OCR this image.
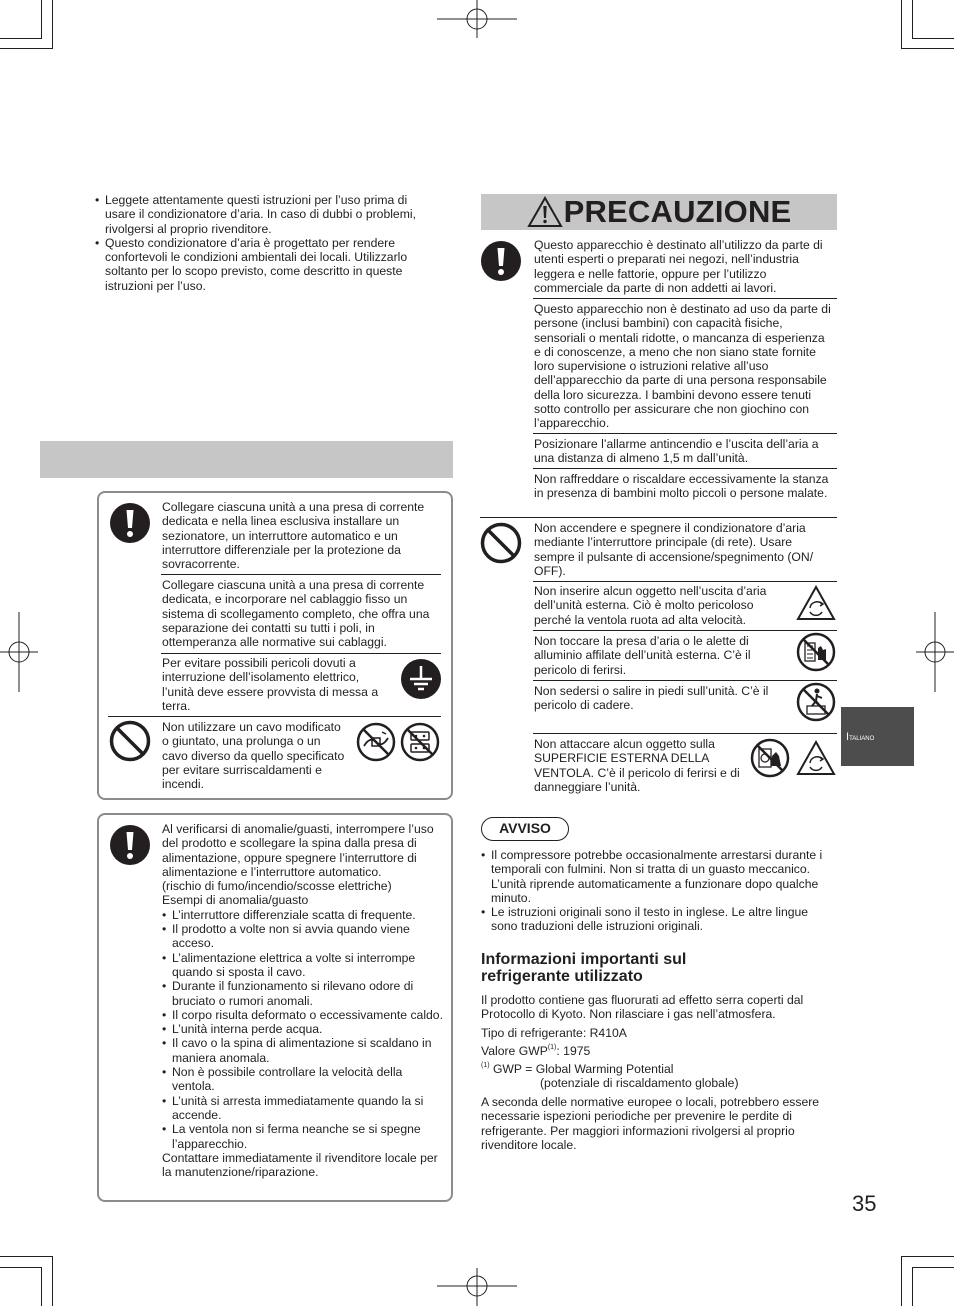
• Leggete attentamente questi istruzioni per l’uso prima di usare il condizionatore d’aria. In caso di dubbi o problemi, rivolgersi al proprio rivenditore.
• Questo condizionatore d’aria è progettato per rendere confortevoli le condizioni ambientali dei locali. Utilizzarlo soltanto per lo scopo previsto, come descritto in queste istruzioni per l’uso.
Collegare ciascuna unità a una presa di corrente dedicata e nella linea esclusiva installare un sezionatore, un interruttore automatico e un interruttore differenziale per la protezione da sovracorrente.
Collegare ciascuna unità a una presa di corrente dedicata, e incorporare nel cablaggio fisso un sistema di scollegamento completo, che offra una separazione dei contatti su tutti i poli, in ottemperanza alle normative sui cablaggi.
Per evitare possibili pericoli dovuti a interruzione dell’isolamento elettrico, l’unità deve essere provvista di messa a terra.
Non utilizzare un cavo modificato o giuntato, una prolunga o un cavo diverso da quello specificato per evitare surriscaldamenti e incendi.
Al verificarsi di anomalie/guasti, interrompere l’uso del prodotto e scollegare la spina dalla presa di alimentazione, oppure spegnere l’interruttore di alimentazione e l’interruttore automatico.
(rischio di fumo/incendio/scosse elettriche)
Esempi di anomalia/guasto
• L’interruttore differenziale scatta di frequente.
• Il prodotto a volte non si avvia quando viene acceso.
• L’alimentazione elettrica a volte si interrompe quando si sposta il cavo.
• Durante il funzionamento si rilevano odore di bruciato o rumori anomali.
• Il corpo risulta deformato o eccessivamente caldo.
• L’unità interna perde acqua.
• Il cavo o la spina di alimentazione si scaldano in maniera anomala.
• Non è possibile controllare la velocità della ventola.
• L’unità si arresta immediatamente quando la si accende.
• La ventola non si ferma neanche se si spegne l’apparecchio.
Contattare immediatamente il rivenditore locale per la manutenzione/riparazione.
PRECAUZIONE
Questo apparecchio è destinato all’utilizzo da parte di utenti esperti o preparati nei negozi, nell’industria leggera e nelle fattorie, oppure per l’utilizzo commerciale da parte di non addetti ai lavori.
Questo apparecchio non è destinato ad uso da parte di persone (inclusi bambini) con capacità fisiche, sensoriali o mentali ridotte, o mancanza di esperienza e di conoscenze, a meno che non siano state fornite loro supervisione o istruzioni relative all’uso dell’apparecchio da parte di una persona responsabile della loro sicurezza. I bambini devono essere tenuti sotto controllo per assicurare che non giochino con l’apparecchio.
Posizionare l’allarme antincendio e l’uscita dell’aria a una distanza di almeno 1,5 m dall’unità.
Non raffreddare o riscaldare eccessivamente la stanza in presenza di bambini molto piccoli o persone malate.
Non accendere e spegnere il condizionatore d’aria mediante l’interruttore principale (di rete). Usare sempre il pulsante di accensione/spegnimento (ON/ OFF).
Non inserire alcun oggetto nell’uscita d’aria dell’unità esterna. Ciò è molto pericoloso perché la ventola ruota ad alta velocità.
Non toccare la presa d’aria o le alette di alluminio affilate dell’unità esterna. C’è il pericolo di ferirsi.
Non sedersi o salire in piedi sull’unità. C’è il pericolo di cadere.
Non attaccare alcun oggetto sulla SUPERFICIE ESTERNA DELLA VENTOLA. C’è il pericolo di ferirsi e di danneggiare l’unità.
AVVISO
• Il compressore potrebbe occasionalmente arrestarsi durante i temporali con fulmini. Non si tratta di un guasto meccanico. L’unità riprende automaticamente a funzionare dopo qualche minuto.
• Le istruzioni originali sono il testo in inglese. Le altre lingue sono traduzioni delle istruzioni originali.
Informazioni importanti sul
refrigerante utilizzato
Il prodotto contiene gas fluorurati ad effetto serra coperti dal Protocollo di Kyoto. Non rilasciare i gas nell’atmosfera.
Tipo di refrigerante: R410A
Valore GWP$^{(1)}$: 1975
$^{(1)}$ GWP = Global Warming Potential
(potenziale di riscaldamento globale)
A seconda delle normative europee o locali, potrebbero essere necessarie ispezioni periodiche per prevenire le perdite di refrigerante. Per maggiori informazioni rivolgersi al proprio rivenditore locale.
ITALIANO
35
